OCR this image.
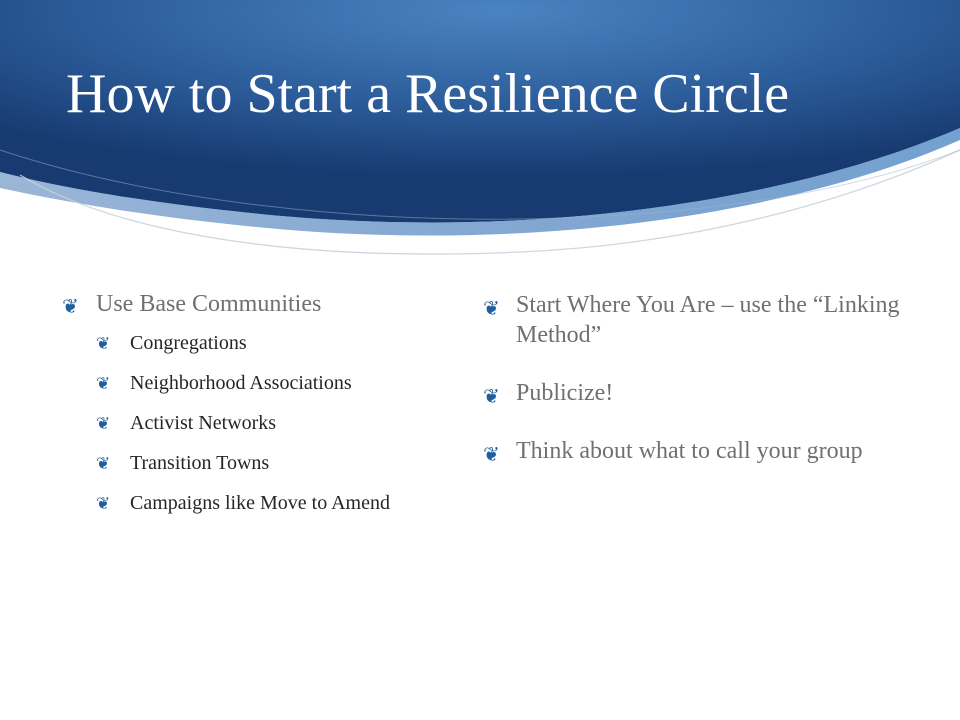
How to Start a Resilience Circle
❦ Use Base Communities
❦ Congregations
❦ Neighborhood Associations
❦ Activist Networks
❦ Transition Towns
❦ Campaigns like Move to Amend
❦ Start Where You Are – use the “Linking Method”
❦ Publicize!
❦ Think about what to call your group
